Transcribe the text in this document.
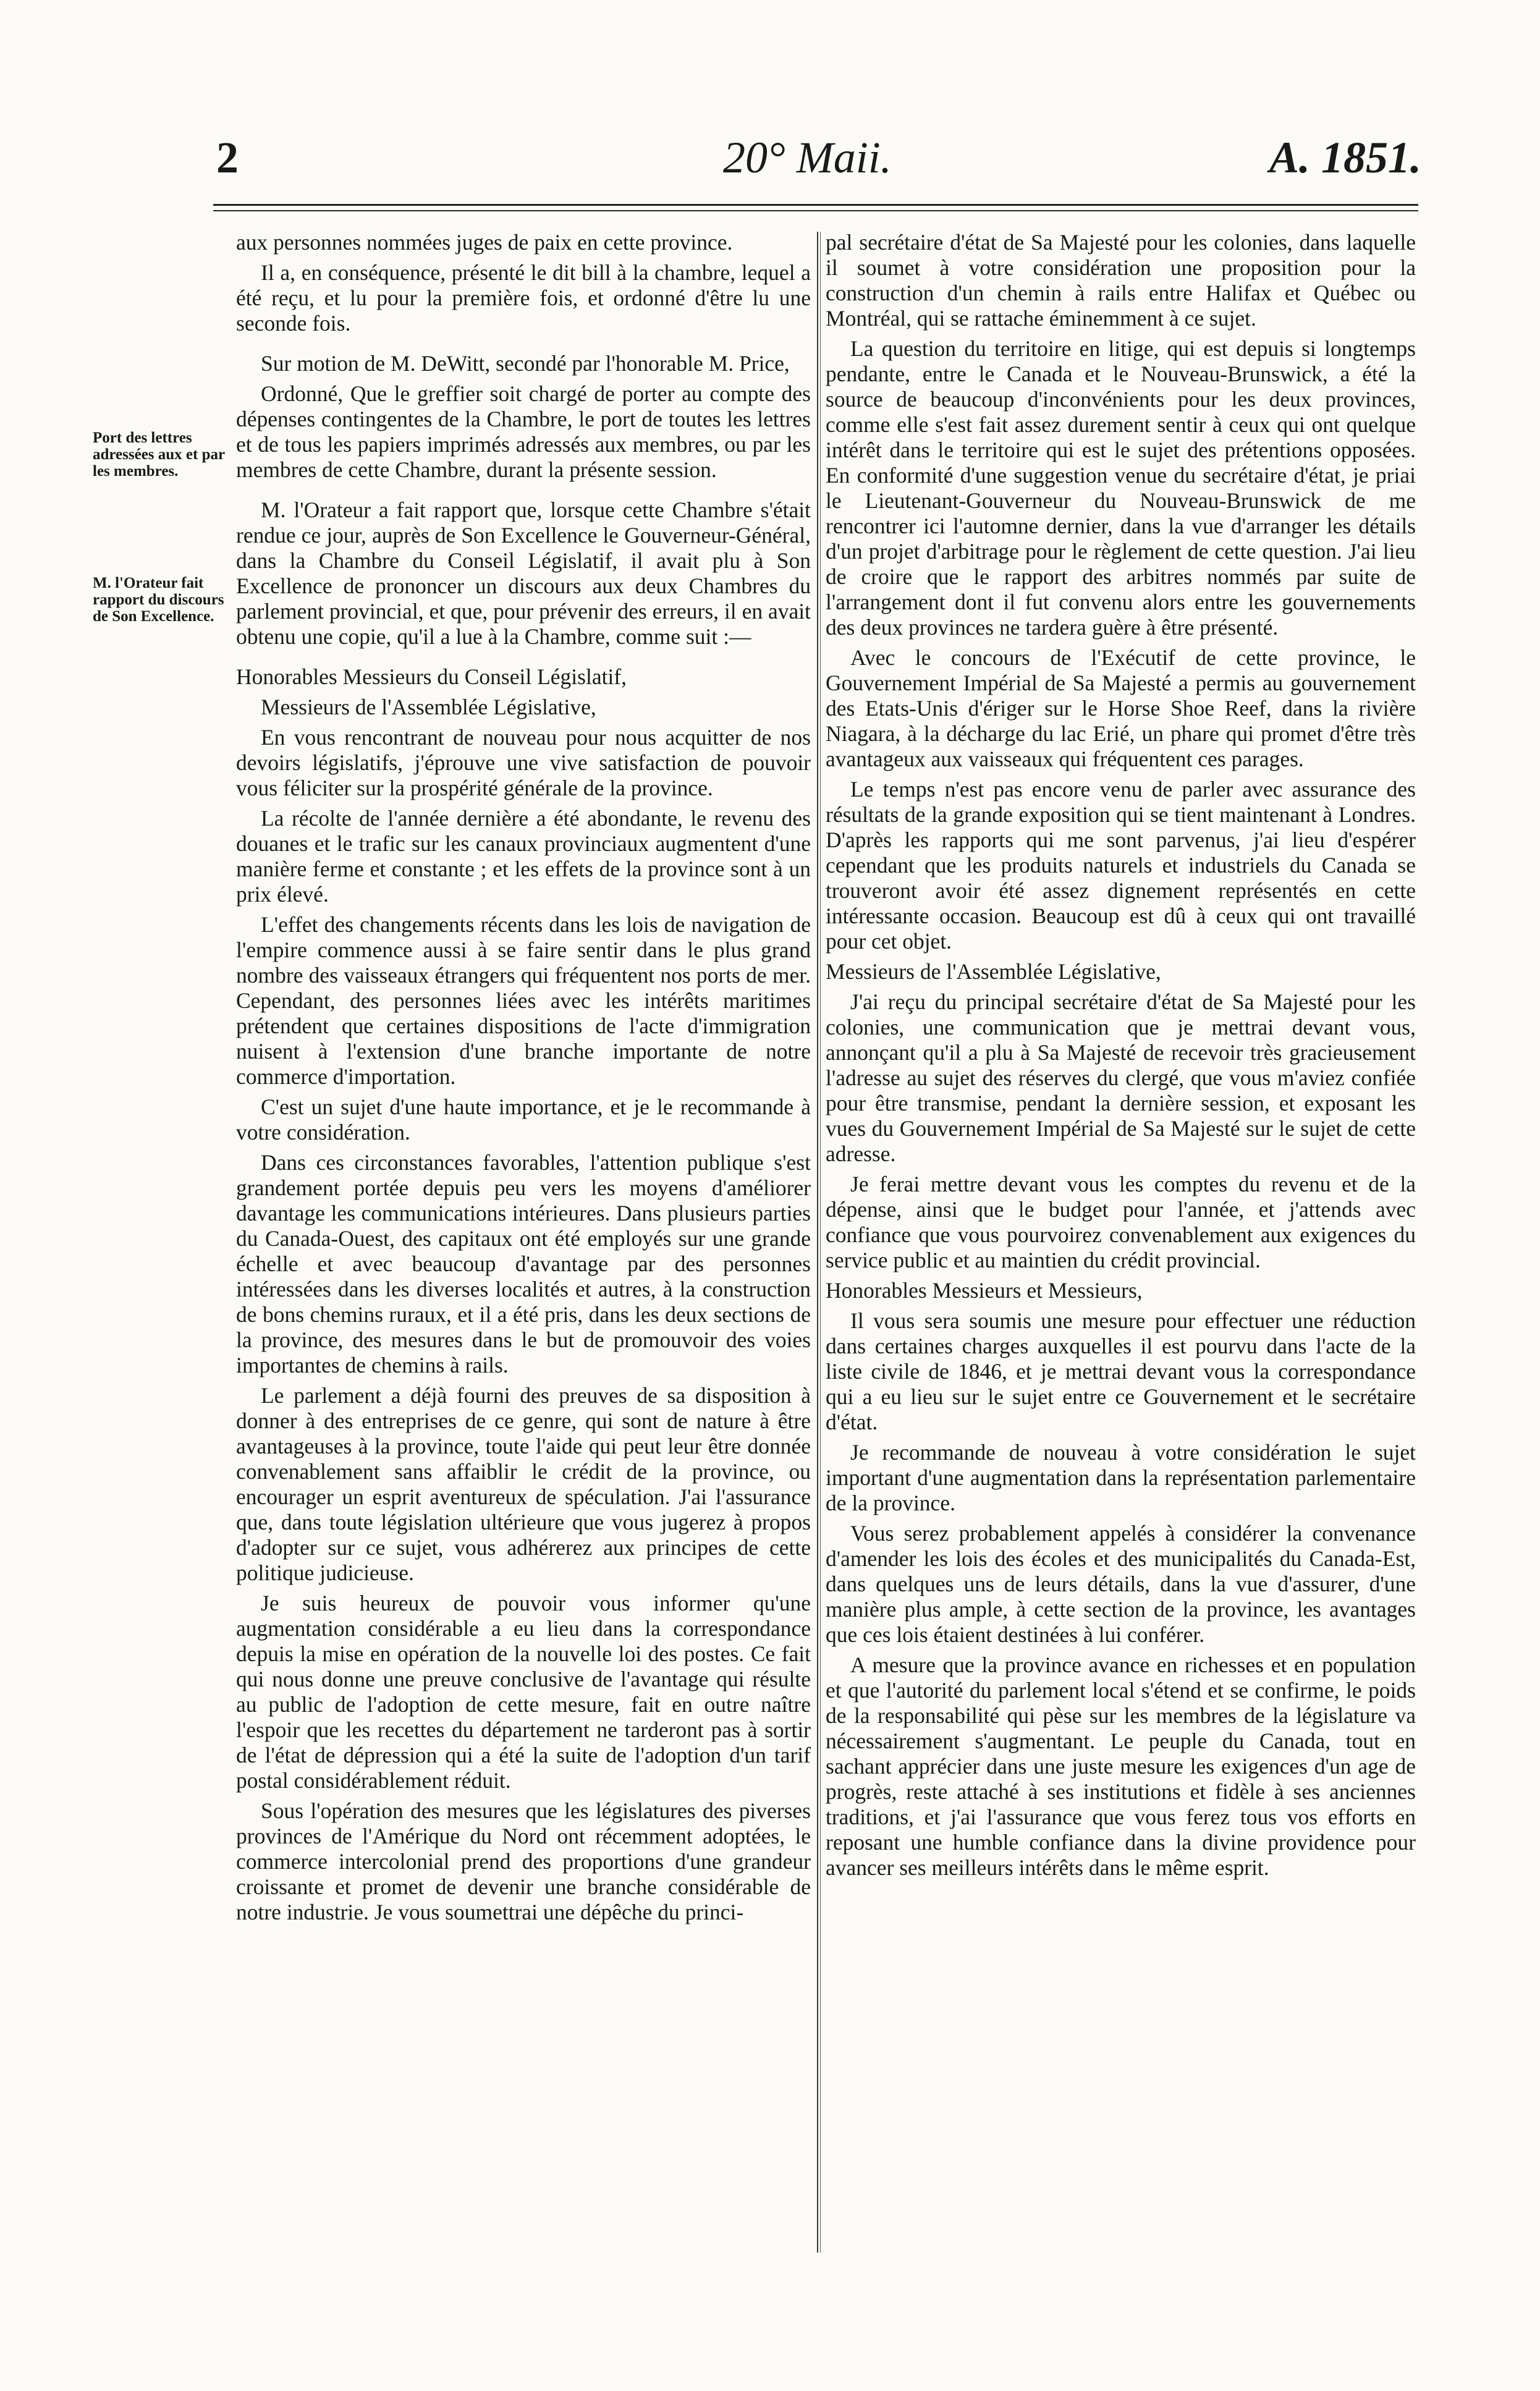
2	20° Maii.	A. 1851.
Port des lettres adressées aux et par les membres.
M. l'Orateur fait rapport du discours de Son Excellence.

aux personnes nommées juges de paix en cette province.

Il a, en conséquence, présenté le dit bill à la chambre, lequel a été reçu, et lu pour la première fois, et ordonné d'être lu une seconde fois.

Sur motion de M. DeWitt, secondé par l'honorable M. Price,

Ordonné, Que le greffier soit chargé de porter au compte des dépenses contingentes de la Chambre, le port de toutes les lettres et de tous les papiers imprimés adressés aux membres, ou par les membres de cette Chambre, durant la présente session.

M. l'Orateur a fait rapport que, lorsque cette Chambre s'était rendue ce jour, auprès de Son Excellence le Gouverneur-Général, dans la Chambre du Conseil Législatif, il avait plu à Son Excellence de prononcer un discours aux deux Chambres du parlement provincial, et que, pour prévenir des erreurs, il en avait obtenu une copie, qu'il a lue à la Chambre, comme suit :—

Honorables Messieurs du Conseil Législatif,

Messieurs de l'Assemblée Législative,

En vous rencontrant de nouveau pour nous acquitter de nos devoirs législatifs, j'éprouve une vive satisfaction de pouvoir vous féliciter sur la prospérité générale de la province.

La récolte de l'année dernière a été abondante, le revenu des douanes et le trafic sur les canaux provinciaux augmentent d'une manière ferme et constante ; et les effets de la province sont à un prix élevé.

L'effet des changements récents dans les lois de navigation de l'empire commence aussi à se faire sentir dans le plus grand nombre des vaisseaux étrangers qui fréquentent nos ports de mer. Cependant, des personnes liées avec les intérêts maritimes prétendent que certaines dispositions de l'acte d'immigration nuisent à l'extension d'une branche importante de notre commerce d'importation.

C'est un sujet d'une haute importance, et je le recommande à votre considération.

Dans ces circonstances favorables, l'attention publique s'est grandement portée depuis peu vers les moyens d'améliorer davantage les communications intérieures. Dans plusieurs parties du Canada-Ouest, des capitaux ont été employés sur une grande échelle et avec beaucoup d'avantage par des personnes intéressées dans les diverses localités et autres, à la construction de bons chemins ruraux, et il a été pris, dans les deux sections de la province, des mesures dans le but de promouvoir des voies importantes de chemins à rails.

Le parlement a déjà fourni des preuves de sa disposition à donner à des entreprises de ce genre, qui sont de nature à être avantageuses à la province, toute l'aide qui peut leur être donnée convenablement sans affaiblir le crédit de la province, ou encourager un esprit aventureux de spéculation. J'ai l'assurance que, dans toute législation ultérieure que vous jugerez à propos d'adopter sur ce sujet, vous adhérerez aux principes de cette politique judicieuse.

Je suis heureux de pouvoir vous informer qu'une augmentation considérable a eu lieu dans la correspondance depuis la mise en opération de la nouvelle loi des postes. Ce fait qui nous donne une preuve conclusive de l'avantage qui résulte au public de l'adoption de cette mesure, fait en outre naître l'espoir que les recettes du département ne tarderont pas à sortir de l'état de dépression qui a été la suite de l'adoption d'un tarif postal considérablement réduit.

Sous l'opération des mesures que les législatures des piverses provinces de l'Amérique du Nord ont récemment adoptées, le commerce intercolonial prend des proportions d'une grandeur croissante et promet de devenir une branche considérable de notre industrie. Je vous soumettrai une dépêche du princi-

pal secrétaire d'état de Sa Majesté pour les colonies, dans laquelle il soumet à votre considération une proposition pour la construction d'un chemin à rails entre Halifax et Québec ou Montréal, qui se rattache éminemment à ce sujet.

La question du territoire en litige, qui est depuis si longtemps pendante, entre le Canada et le Nouveau-Brunswick, a été la source de beaucoup d'inconvénients pour les deux provinces, comme elle s'est fait assez durement sentir à ceux qui ont quelque intérêt dans le territoire qui est le sujet des prétentions opposées. En conformité d'une suggestion venue du secrétaire d'état, je priai le Lieutenant-Gouverneur du Nouveau-Brunswick de me rencontrer ici l'automne dernier, dans la vue d'arranger les détails d'un projet d'arbitrage pour le règlement de cette question. J'ai lieu de croire que le rapport des arbitres nommés par suite de l'arrangement dont il fut convenu alors entre les gouvernements des deux provinces ne tardera guère à être présenté.

Avec le concours de l'Exécutif de cette province, le Gouvernement Impérial de Sa Majesté a permis au gouvernement des Etats-Unis d'ériger sur le Horse Shoe Reef, dans la rivière Niagara, à la décharge du lac Erié, un phare qui promet d'être très avantageux aux vaisseaux qui fréquentent ces parages.

Le temps n'est pas encore venu de parler avec assurance des résultats de la grande exposition qui se tient maintenant à Londres. D'après les rapports qui me sont parvenus, j'ai lieu d'espérer cependant que les produits naturels et industriels du Canada se trouveront avoir été assez dignement représentés en cette intéressante occasion. Beaucoup est dû à ceux qui ont travaillé pour cet objet.

Messieurs de l'Assemblée Législative,

J'ai reçu du principal secrétaire d'état de Sa Majesté pour les colonies, une communication que je mettrai devant vous, annonçant qu'il a plu à Sa Majesté de recevoir très gracieusement l'adresse au sujet des réserves du clergé, que vous m'aviez confiée pour être transmise, pendant la dernière session, et exposant les vues du Gouvernement Impérial de Sa Majesté sur le sujet de cette adresse.

Je ferai mettre devant vous les comptes du revenu et de la dépense, ainsi que le budget pour l'année, et j'attends avec confiance que vous pourvoirez convenablement aux exigences du service public et au maintien du crédit provincial.

Honorables Messieurs et Messieurs,

Il vous sera soumis une mesure pour effectuer une réduction dans certaines charges auxquelles il est pourvu dans l'acte de la liste civile de 1846, et je mettrai devant vous la correspondance qui a eu lieu sur le sujet entre ce Gouvernement et le secrétaire d'état.

Je recommande de nouveau à votre considération le sujet important d'une augmentation dans la représentation parlementaire de la province.

Vous serez probablement appelés à considérer la convenance d'amender les lois des écoles et des municipalités du Canada-Est, dans quelques uns de leurs détails, dans la vue d'assurer, d'une manière plus ample, à cette section de la province, les avantages que ces lois étaient destinées à lui conférer.

A mesure que la province avance en richesses et en population et que l'autorité du parlement local s'étend et se confirme, le poids de la responsabilité qui pèse sur les membres de la législature va nécessairement s'augmentant. Le peuple du Canada, tout en sachant apprécier dans une juste mesure les exigences d'un age de progrès, reste attaché à ses institutions et fidèle à ses anciennes traditions, et j'ai l'assurance que vous ferez tous vos efforts en reposant une humble confiance dans la divine providence pour avancer ses meilleurs intérêts dans le même esprit.
